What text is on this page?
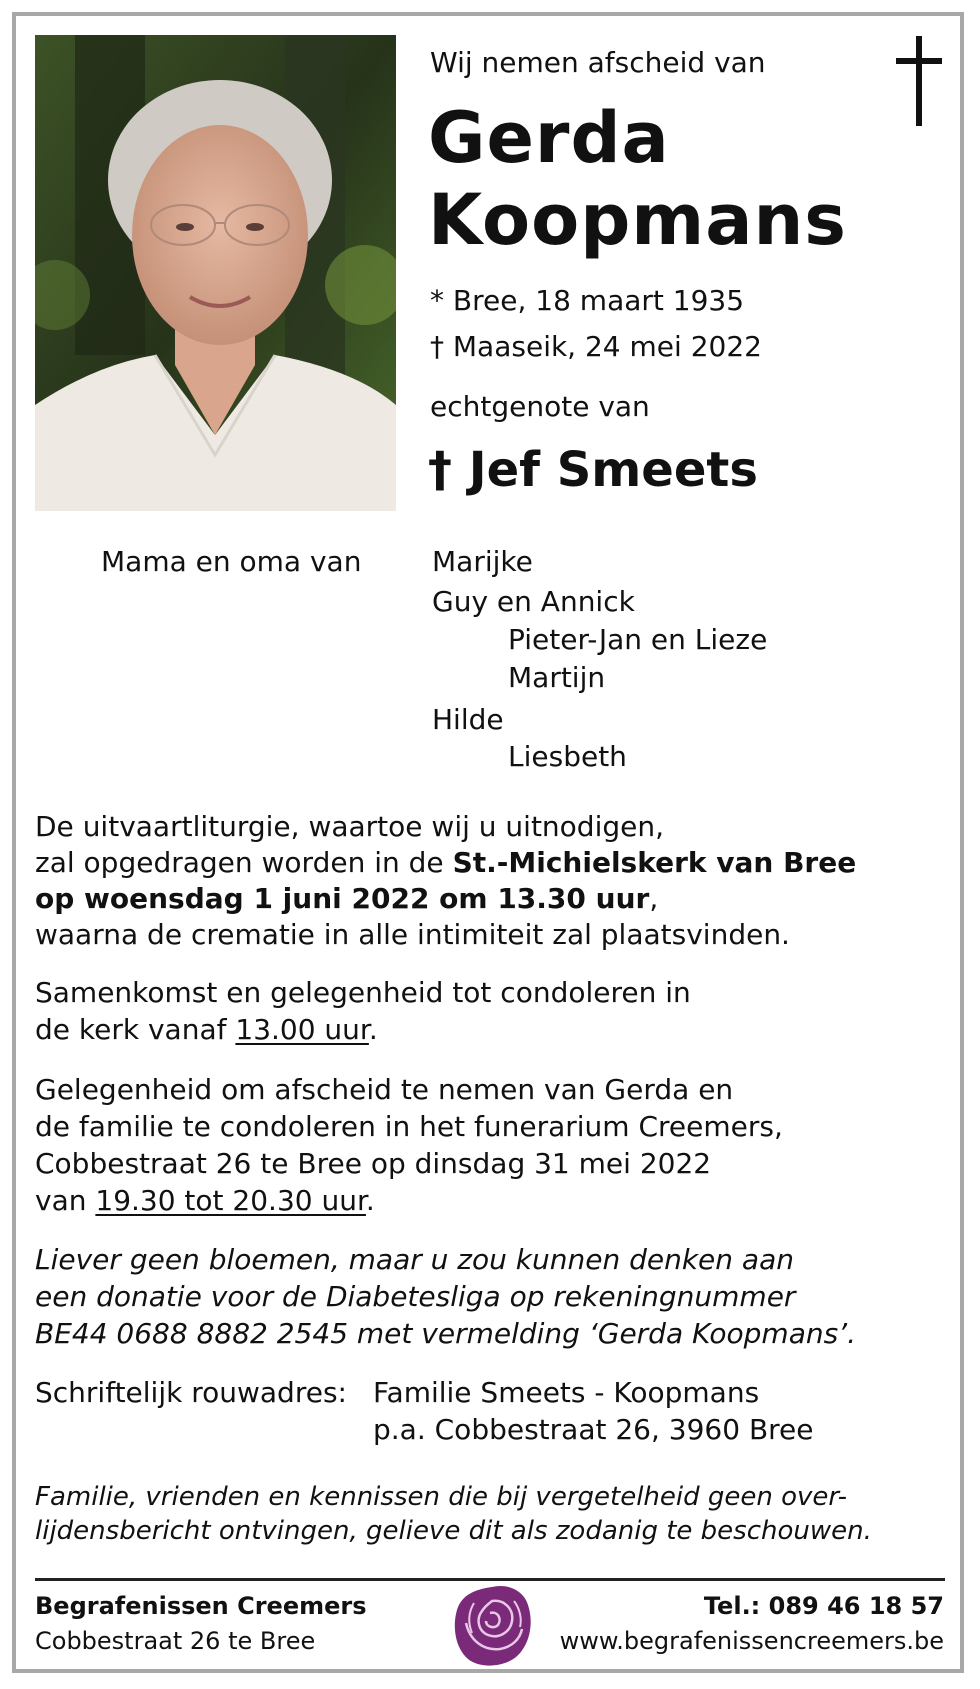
Wij nemen afscheid van
Gerda
Koopmans
* Bree, 18 maart 1935
† Maaseik, 24 mei 2022
echtgenote van
† Jef Smeets
Mama en oma van	Marijke
Guy en Annick
Pieter-Jan en Lieze
Martijn
Hilde
Liesbeth
De uitvaartliturgie, waartoe wij u uitnodigen,
zal opgedragen worden in de St.-Michielskerk van Bree
op woensdag 1 juni 2022 om 13.30 uur,
waarna de crematie in alle intimiteit zal plaatsvinden.
Samenkomst en gelegenheid tot condoleren in
de kerk vanaf 13.00 uur.
Gelegenheid om afscheid te nemen van Gerda en
de familie te condoleren in het funerarium Creemers,
Cobbestraat 26 te Bree op dinsdag 31 mei 2022
van 19.30 tot 20.30 uur.
Liever geen bloemen, maar u zou kunnen denken aan
een donatie voor de Diabetesliga op rekeningnummer
BE44 0688 8882 2545 met vermelding ‘Gerda Koopmans’.
Schriftelijk rouwadres: Familie Smeets - Koopmans
p.a. Cobbestraat 26, 3960 Bree
Familie, vrienden en kennissen die bij vergetelheid geen over-
lijdensbericht ontvingen, gelieve dit als zodanig te beschouwen.
Begrafenissen Creemers
Cobbestraat 26 te Bree
Tel.: 089 46 18 57
www.begrafenissencreemers.be
